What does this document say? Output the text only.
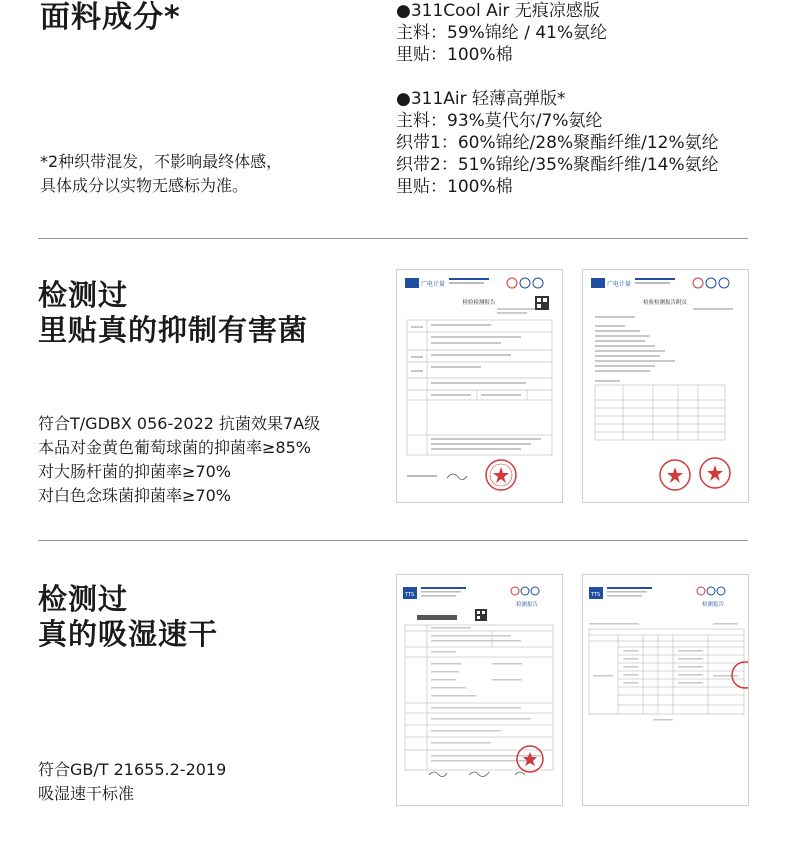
面料成分*
*2种织带混发，不影响最终体感，
具体成分以实物无感标为准。
●311Cool Air 无痕凉感版
主料：59%锦纶 / 41%氨纶
里贴：100%棉
●311Air 轻薄高弹版*
主料：93%莫代尔/7%氨纶
织带1：60%锦纶/28%聚酯纤维/12%氨纶
织带2：51%锦纶/35%聚酯纤维/14%氨纶
里贴：100%棉
检测过
里贴真的抑制有害菌
符合T/GDBX 056-2022 抗菌效果7A级
本品对金黄色葡萄球菌的抑菌率≥85%
对大肠杆菌的抑菌率≥70%
对白色念珠菌抑菌率≥70%
广电计量
检验检测报告
广电计量
检验检测报告附页
检测过
真的吸湿速干
符合GB/T 21655.2-2019
吸湿速干标准
TTS
检测报告
TTS
检测报告
